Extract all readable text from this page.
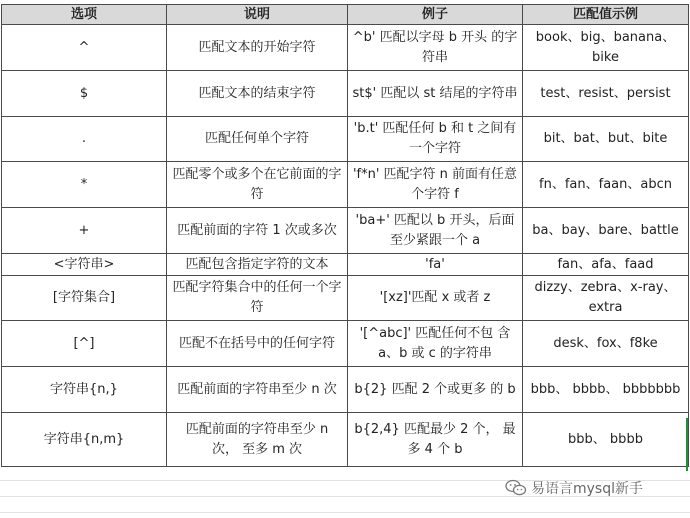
选项	说明	例子	匹配值示例
^	匹配文本的开始字符	^b' 匹配以字母 b 开头 的字符串	book、big、banana、bike
$	匹配文本的结束字符	st$' 匹配以 st 结尾的字符串	test、resist、persist
.	匹配任何单个字符	'b.t' 匹配任何 b 和 t 之间有一个字符	bit、bat、but、bite
*	匹配零个或多个在它前面的字 符	'f*n' 匹配字符 n 前面有任意个字符 f	fn、fan、faan、abcn
+	匹配前面的字符 1 次或多次	'ba+' 匹配以 b 开头，后面至少紧跟一个 a	ba、bay、bare、battle
<字符串>	匹配包含指定字符的文本	'fa'	fan、afa、faad
[字符集合]	匹配字符集合中的任何一个字 符	'[xz]'匹配 x 或者 z	dizzy、zebra、x-ray、extra
[^]	匹配不在括号中的任何字符	'[^abc]' 匹配任何不包 含 a、b 或 c 的字符串	desk、fox、f8ke
字符串{n,}	匹配前面的字符串至少 n 次	b{2} 匹配 2 个或更多 的 b	bbb、 bbbb、 bbbbbbb
字符串{n,m}	匹配前面的字符串至少 n 次， 至多 m 次	b{2,4} 匹配最少 2 个， 最多 4 个 b	bbb、 bbbb
易语言mysql新手
